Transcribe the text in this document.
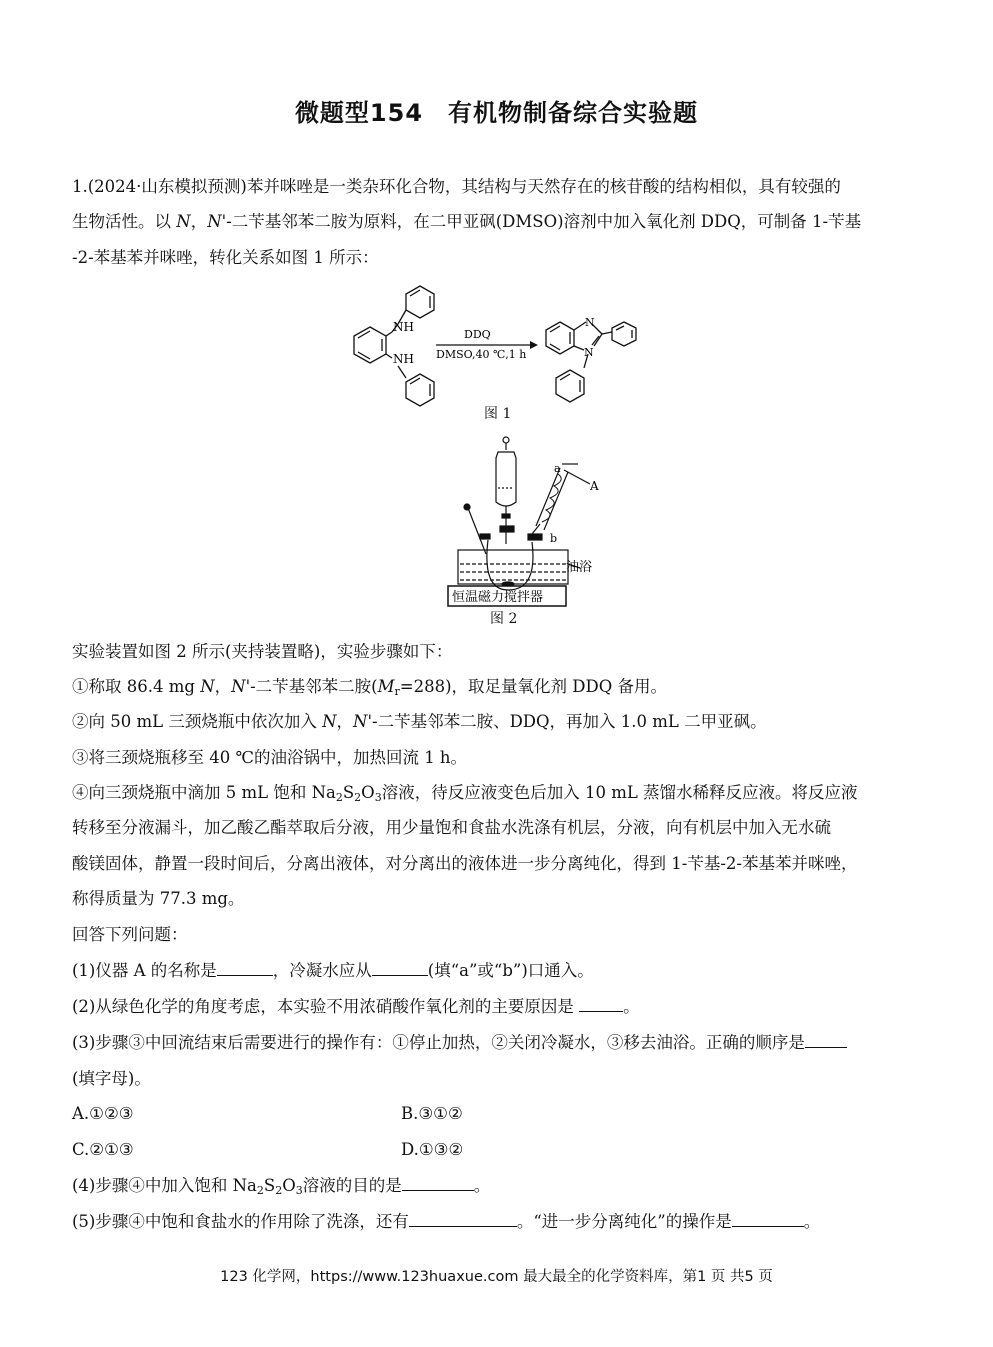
微题型154　有机物制备综合实验题
1.(2024·山东模拟预测)苯并咪唑是一类杂环化合物，其结构与天然存在的核苷酸的结构相似，具有较强的
生物活性。以 N，N'-二苄基邻苯二胺为原料，在二甲亚砜(DMSO)溶剂中加入氧化剂 DDQ，可制备 1-苄基
-2-苯基苯并咪唑，转化关系如图 1 所示：
NH
NH
DDQ
DMSO,40 ℃,1 h
N
N
图 1
a
A
b
油浴
恒温磁力搅拌器
图 2
实验装置如图 2 所示(夹持装置略)，实验步骤如下：
①称取 86.4 mg N，N'-二苄基邻苯二胺$(M_r=288)$，取足量氧化剂 DDQ 备用。
②向 50 mL 三颈烧瓶中依次加入 N，N'-二苄基邻苯二胺、DDQ，再加入 1.0 mL 二甲亚砜。
③将三颈烧瓶移至 40 ℃的油浴锅中，加热回流 1 h。
④向三颈烧瓶中滴加 5 mL 饱和 $Na_2S_2O_3$溶液，待反应液变色后加入 10 mL 蒸馏水稀释反应液。将反应液
转移至分液漏斗，加乙酸乙酯萃取后分液，用少量饱和食盐水洗涤有机层，分液，向有机层中加入无水硫
酸镁固体，静置一段时间后，分离出液体，对分离出的液体进一步分离纯化，得到 1-苄基-2-苯基苯并咪唑，
称得质量为 77.3 mg。
回答下列问题：
(1)仪器 A 的名称是	，冷凝水应从	(填“a”或“b”)口通入。
(2)从绿色化学的角度考虑，本实验不用浓硝酸作氧化剂的主要原因是	。
(3)步骤③中回流结束后需要进行的操作有：①停止加热，②关闭冷凝水，③移去油浴。正确的顺序是
(填字母)。
A.①②③	B.③①②
C.②①③	D.①③②
(4)步骤④中加入饱和 $Na_2S_2O_3$溶液的目的是	。
(5)步骤④中饱和食盐水的作用除了洗涤，还有	。“进一步分离纯化”的操作是	。
123 化学网，https://www.123huaxue.com 最大最全的化学资料库，第1 页 共5 页
